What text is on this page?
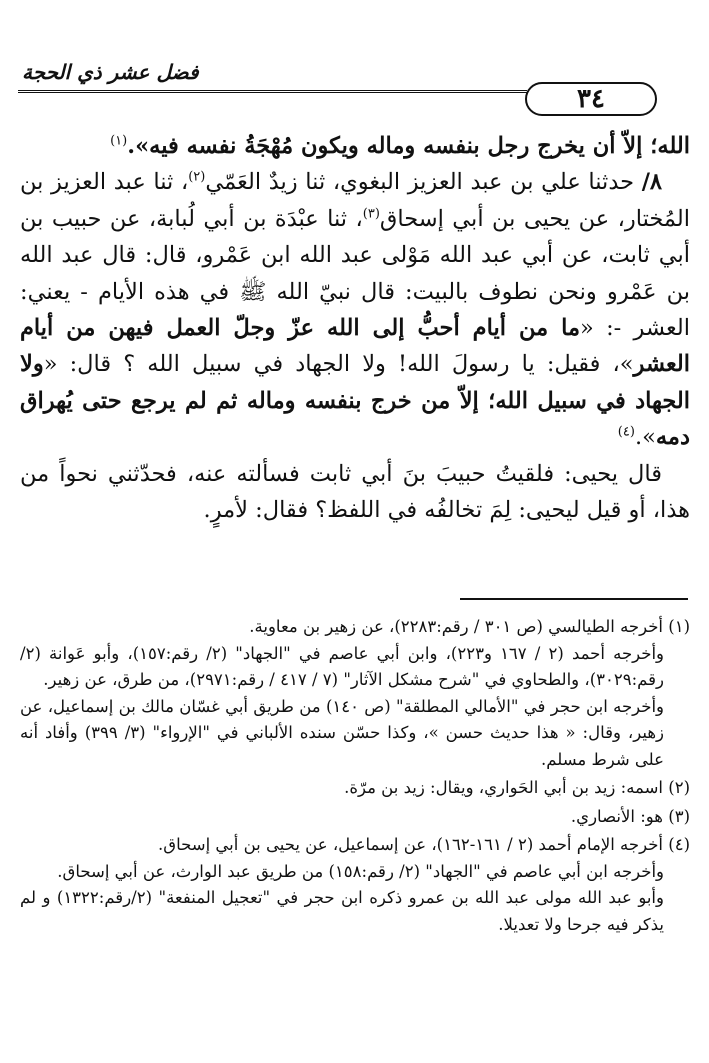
فضل عشر ذي الحجة
٣٤

الله؛ إلاّ أن يخرج رجل بنفسه وماله ويكون مُهْجَةُ نفسه فيه».$^{(١)}$

٨/ حدثنا علي بن عبد العزيز البغوي، ثنا زيدٌ العَمّي$^{(٢)}$، ثنا عبد العزيز بن المُختار، عن يحيى بن أبي إسحاق$^{(٣)}$، ثنا عبْدَة بن أبي لُبابة، عن حبيب بن أبي ثابت، عن أبي عبد الله مَوْلى عبد الله ابن عَمْرو، قال: قال عبد الله بن عَمْرو ونحن نطوف بالبيت: قال نبيّ الله ﷺ في هذه الأيام - يعني: العشر -: «ما من أيام أحبُّ إلى الله عزّ وجلّ العمل فيهن من أيام العشر»، فقيل: يا رسولَ الله! ولا الجهاد في سبيل الله ؟ قال: «ولا الجهاد في سبيل الله؛ إلاّ من خرج بنفسه وماله ثم لم يرجع حتى يُهراق دمه».$^{(٤)}$

قال يحيى: فلقيتُ حبيبَ بنَ أبي ثابت فسألته عنه، فحدّثني نحواً من هذا، أو قيل ليحيى: لِمَ تخالفُه في اللفظ؟ فقال: لأمرٍ.

(١) أخرجه الطيالسي (ص ٣٠١ / رقم:٢٢٨٣)، عن زهير بن معاوية.

وأخرجه أحمد (٢ / ١٦٧ و٢٢٣)، وابن أبي عاصم في "الجهاد" (٢/ رقم:١٥٧)، وأبو عَوانة (٢/ رقم:٣٠٢٩)، والطحاوي في "شرح مشكل الآثار" (٧ / ٤١٧ / رقم:٢٩٧١)، من طرق، عن زهير.

وأخرجه ابن حجر في "الأمالي المطلقة" (ص ١٤٠) من طريق أبي غسّان مالك بن إسماعيل، عن زهير، وقال: « هذا حديث حسن »، وكذا حسّن سنده الألباني في "الإرواء" (٣/ ٣٩٩) وأفاد أنه على شرط مسلم.

(٢) اسمه: زيد بن أبي الحَواري، ويقال: زيد بن مرّة.

(٣) هو: الأنصاري.

(٤) أخرجه الإمام أحمد (٢ / ١٦١-١٦٢)، عن إسماعيل، عن يحيى بن أبي إسحاق.

وأخرجه ابن أبي عاصم في "الجهاد" (٢/ رقم:١٥٨) من طريق عبد الوارث، عن أبي إسحاق.

وأبو عبد الله مولى عبد الله بن عمرو ذكره ابن حجر في "تعجيل المنفعة" (٢/رقم:١٣٢٢) و لم يذكر فيه جرحا ولا تعديلا.
